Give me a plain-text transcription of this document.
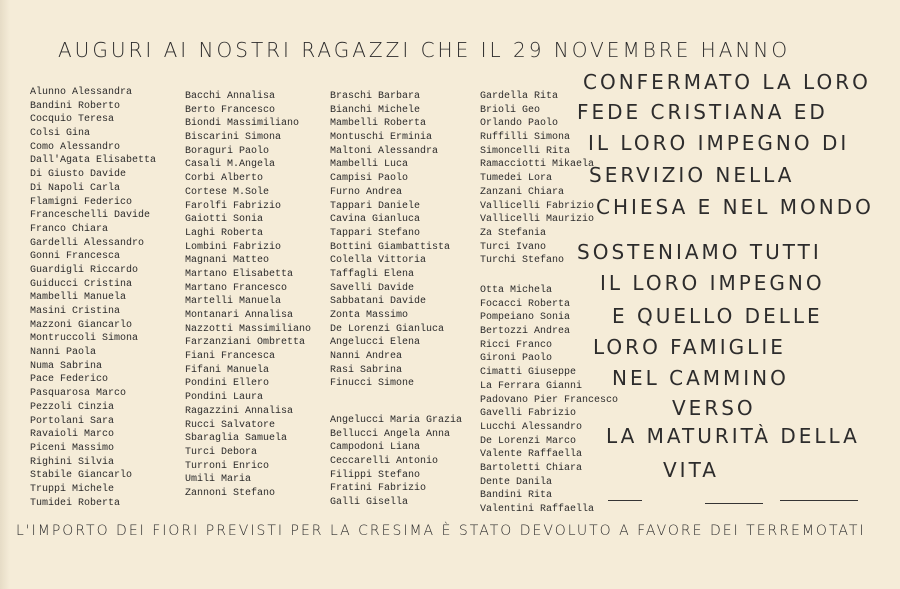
AUGURI AI NOSTRI RAGAZZI CHE IL 29 NOVEMBRE HANNO
Alunno Alessandra
Bandini Roberto
Cocquio Teresa
Colsi Gina
Como Alessandro
Dall'Agata Elisabetta
Di Giusto Davide
Di Napoli Carla
Flamigni Federico
Franceschelli Davide
Franco Chiara
Gardelli Alessandro
Gonni Francesca
Guardigli Riccardo
Guiducci Cristina
Mambelli Manuela
Masini Cristina
Mazzoni Giancarlo
Montruccoli Simona
Nanni Paola
Numa Sabrina
Pace Federico
Pasquarosa Marco
Pezzoli Cinzia
Portolani Sara
Ravaioli Marco
Piceni Massimo
Righini Silvia
Stabile Giancarlo
Truppi Michele
Tumidei Roberta
Bacchi Annalisa
Berto Francesco
Biondi Massimiliano
Biscarini Simona
Boraguri Paolo
Casali M.Angela
Corbi Alberto
Cortese M.Sole
Farolfi Fabrizio
Gaiotti Sonia
Laghi Roberta
Lombini Fabrizio
Magnani Matteo
Martano Elisabetta
Martano Francesco
Martelli Manuela
Montanari Annalisa
Nazzotti Massimiliano
Farzanziani Ombretta
Fiani Francesca
Fifani Manuela
Pondini Ellero
Pondini Laura
Ragazzini Annalisa
Rucci Salvatore
Sbaraglia Samuela
Turci Debora
Turroni Enrico
Umili Maria
Zannoni Stefano
Braschi Barbara
Bianchi Michele
Mambelli Roberta
Montuschi Erminia
Maltoni Alessandra
Mambelli Luca
Campisi Paolo
Furno Andrea
Tappari Daniele
Cavina Gianluca
Tappari Stefano
Bottini Giambattista
Colella Vittoria
Taffagli Elena
Savelli Davide
Sabbatani Davide
Zonta Massimo
De Lorenzi Gianluca
Angelucci Elena
Nanni Andrea
Rasi Sabrina
Finucci Simone
Angelucci Maria Grazia
Bellucci Angela Anna
Campodoni Liana
Ceccarelli Antonio
Filippi Stefano
Fratini Fabrizio
Galli Gisella
Gardella Rita
Brioli Geo
Orlando Paolo
Ruffilli Simona
Simoncelli Rita
Ramacciotti Mikaela
Tumedei Lora
Zanzani Chiara
Vallicelli Fabrizio
Vallicelli Maurizio
Za Stefania
Turci Ivano
Turchi Stefano
Otta Michela
Focacci Roberta
Pompeiano Sonia
Bertozzi Andrea
Ricci Franco
Gironi Paolo
Cimatti Giuseppe
La Ferrara Gianni
Padovano Pier Francesco
Gavelli Fabrizio
Lucchi Alessandro
De Lorenzi Marco
Valente Raffaella
Bartoletti Chiara
Dente Danila
Bandini Rita
Valentini Raffaella
CONFERMATO LA LORO
FEDE CRISTIANA ED
IL LORO IMPEGNO DI
SERVIZIO NELLA
CHIESA E NEL MONDO
SOSTENIAMO TUTTI
IL LORO IMPEGNO
E QUELLO DELLE
LORO FAMIGLIE
NEL CAMMINO
VERSO
LA MATURITÀ DELLA
VITA
L'IMPORTO DEI FIORI PREVISTI PER LA CRESIMA È STATO DEVOLUTO A FAVORE DEI TERREMOTATI
